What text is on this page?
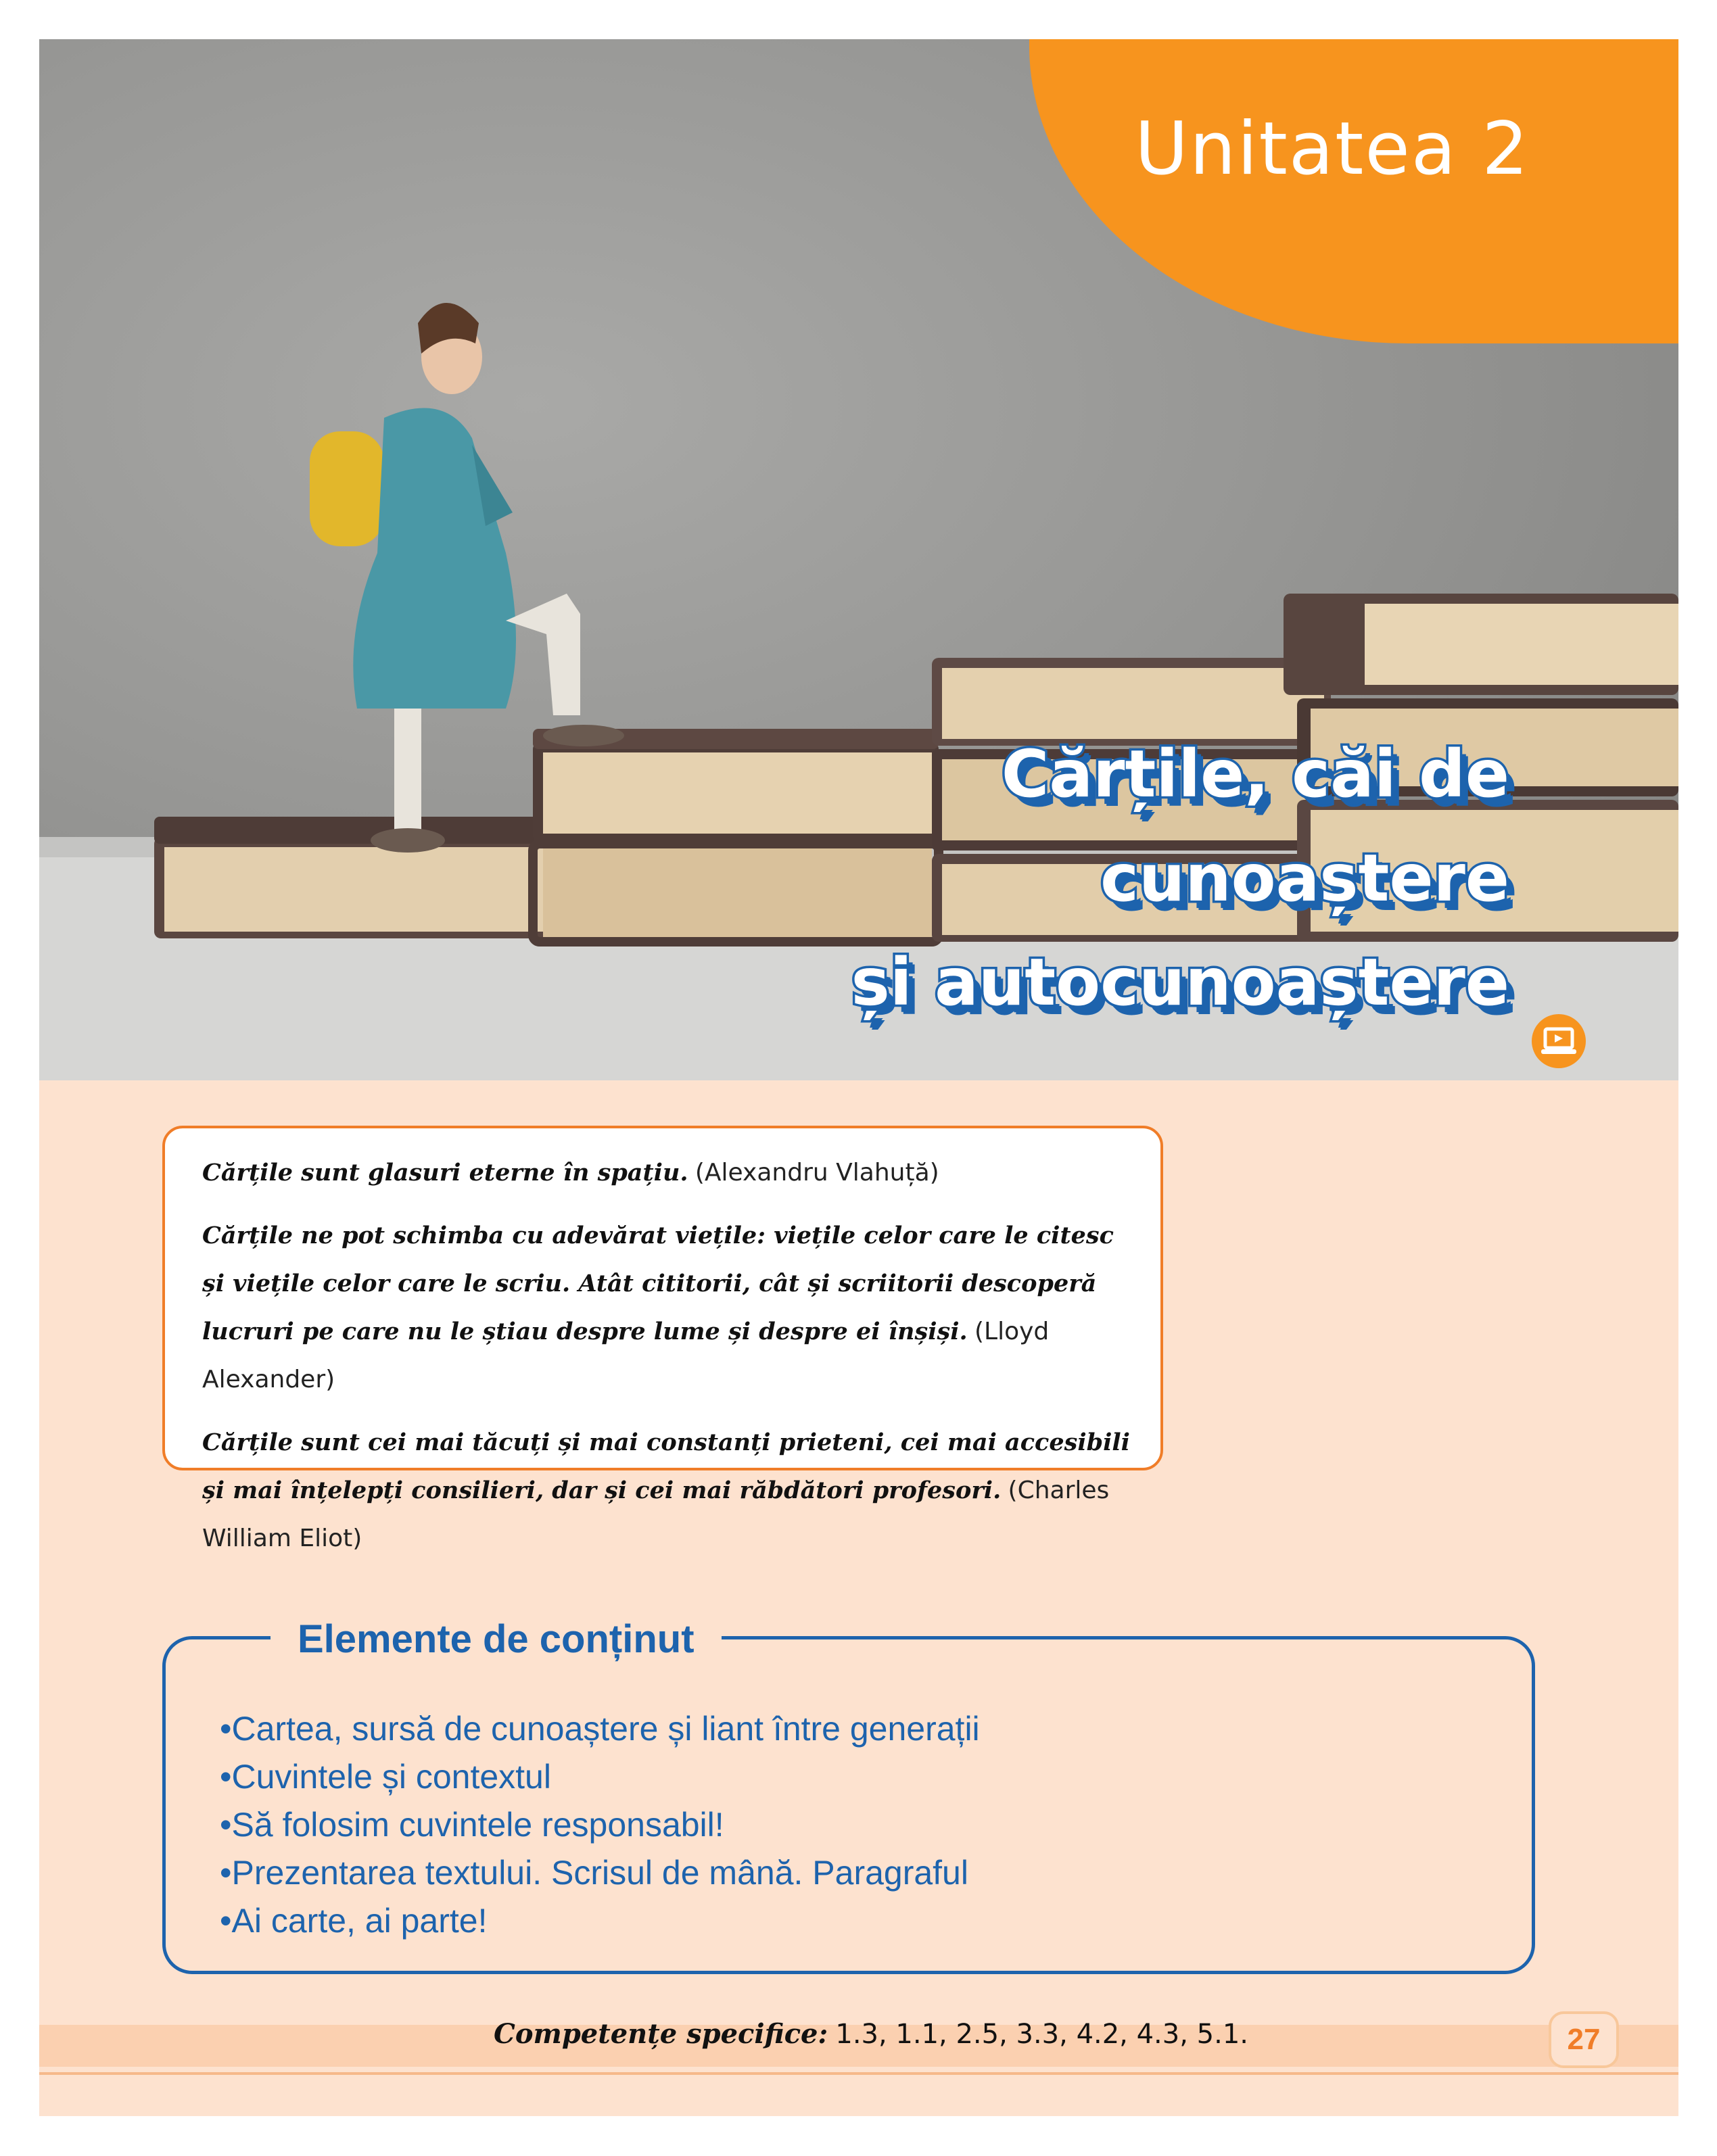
Unitatea 2
Cărțile, căi de
cunoaștere
și autocunoaștere

Cărțile sunt glasuri eterne în spațiu. (Alexandru Vlahuță)

Cărțile ne pot schimba cu adevărat viețile: viețile celor care le citesc și viețile celor care le scriu. Atât cititorii, cât și scriitorii descoperă lucruri pe care nu le știau despre lume și despre ei înșiși. (Lloyd Alexander)

Cărțile sunt cei mai tăcuți și mai constanți prieteni, cei mai accesibili și mai înțelepți consilieri, dar și cei mai răbdători profesori. (Charles William Eliot)

Elemente de conținut
• Cartea, sursă de cunoaștere și liant între generații
• Cuvintele și contextul
• Să folosim cuvintele responsabil!
• Prezentarea textului. Scrisul de mână. Paragraful
• Ai carte, ai parte!
Competențe specifice: 1.3, 1.1, 2.5, 3.3, 4.2, 4.3, 5.1.	27
